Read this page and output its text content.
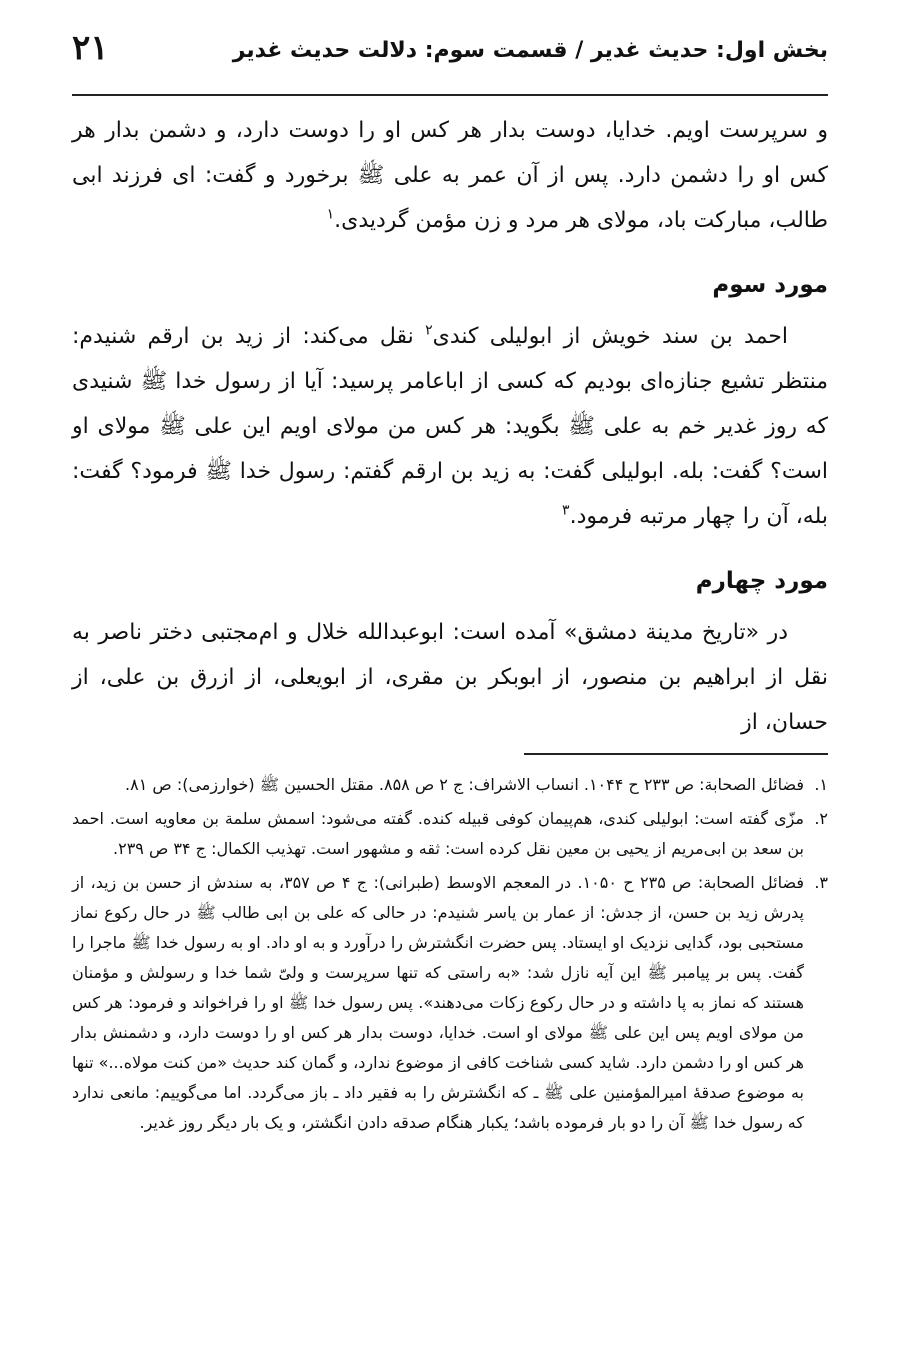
بخش اول: حدیث غدیر / قسمت سوم: دلالت حدیث غدیر
۲۱

و سرپرست اویم. خدایا، دوست بدار هر کس او را دوست دارد، و دشمن بدار هر کس او را دشمن دارد. پس از آن عمر به علی ﷺ برخورد و گفت: ای فرزند ابی طالب، مبارکت باد، مولای هر مرد و زن مؤمن گردیدی.$^۱$

مورد سوم

احمد بن سند خویش از ابولیلی کندی$^۲$ نقل می‌کند: از زید بن ارقم شنیدم: منتظر تشیع جنازه‌ای بودیم که کسی از اباعامر پرسید: آیا از رسول خدا ﷺ شنیدی که روز غدیر خم به علی ﷺ بگوید: هر کس من مولای اویم این علی ﷺ مولای او است؟ گفت: بله. ابولیلی گفت: به زید بن ارقم گفتم: رسول خدا ﷺ فرمود؟ گفت: بله، آن را چهار مرتبه فرمود.$^۳$

مورد چهارم

در «تاریخ مدینة دمشق» آمده است: ابوعبدالله خلال و ام‌مجتبی دختر ناصر به نقل از ابراهیم بن منصور، از ابوبکر بن مقری، از ابویعلی، از ازرق بن علی، از حسان، از

۱.
فضائل الصحابة: ص ۲۳۳ ح ۱۰۴۴. انساب الاشراف: ج ۲ ص ۸۵۸. مقتل الحسین ﷺ (خوارزمی): ص ۸۱.

۲.
مزّی گفته است: ابولیلی کندی، هم‌پیمان کوفی قبیله کنده. گفته می‌شود: اسمش سلمة بن معاویه است. احمد بن سعد بن ابی‌مریم از یحیی بن معین نقل کرده است: ثقه و مشهور است. تهذیب الکمال: ج ۳۴ ص ۲۳۹.

۳.
فضائل الصحابة: ص ۲۳۵ ح ۱۰۵۰. در المعجم الاوسط (طبرانی): ج ۴ ص ۳۵۷، به سندش از حسن بن زید، از پدرش زید بن حسن، از جدش: از عمار بن یاسر شنیدم: در حالی که علی بن ابی طالب ﷺ در حال رکوع نماز مستحبی بود، گدایی نزدیک او ایستاد. پس حضرت انگشترش را درآورد و به او داد. او به رسول خدا ﷺ ماجرا را گفت. پس بر پیامبر ﷺ این آیه نازل شد: «به راستی که تنها سرپرست و ولیّ شما خدا و رسولش و مؤمنان هستند که نماز به پا داشته و در حال رکوع زکات می‌دهند». پس رسول خدا ﷺ او را فراخواند و فرمود: هر کس من مولای اویم پس این علی ﷺ مولای او است. خدایا، دوست بدار هر کس او را دوست دارد، و دشمنش بدار هر کس او را دشمن دارد. شاید کسی شناخت کافی از موضوع ندارد، و گمان کند حدیث «من کنت مولاه...» تنها به موضوع صدقهٔ امیرالمؤمنین علی ﷺ ـ که انگشترش را به فقیر داد ـ باز می‌گردد. اما می‌گوییم: مانعی ندارد که رسول خدا ﷺ آن را دو بار فرموده باشد؛ یکبار هنگام صدقه دادن انگشتر، و یک بار دیگر روز غدیر.
